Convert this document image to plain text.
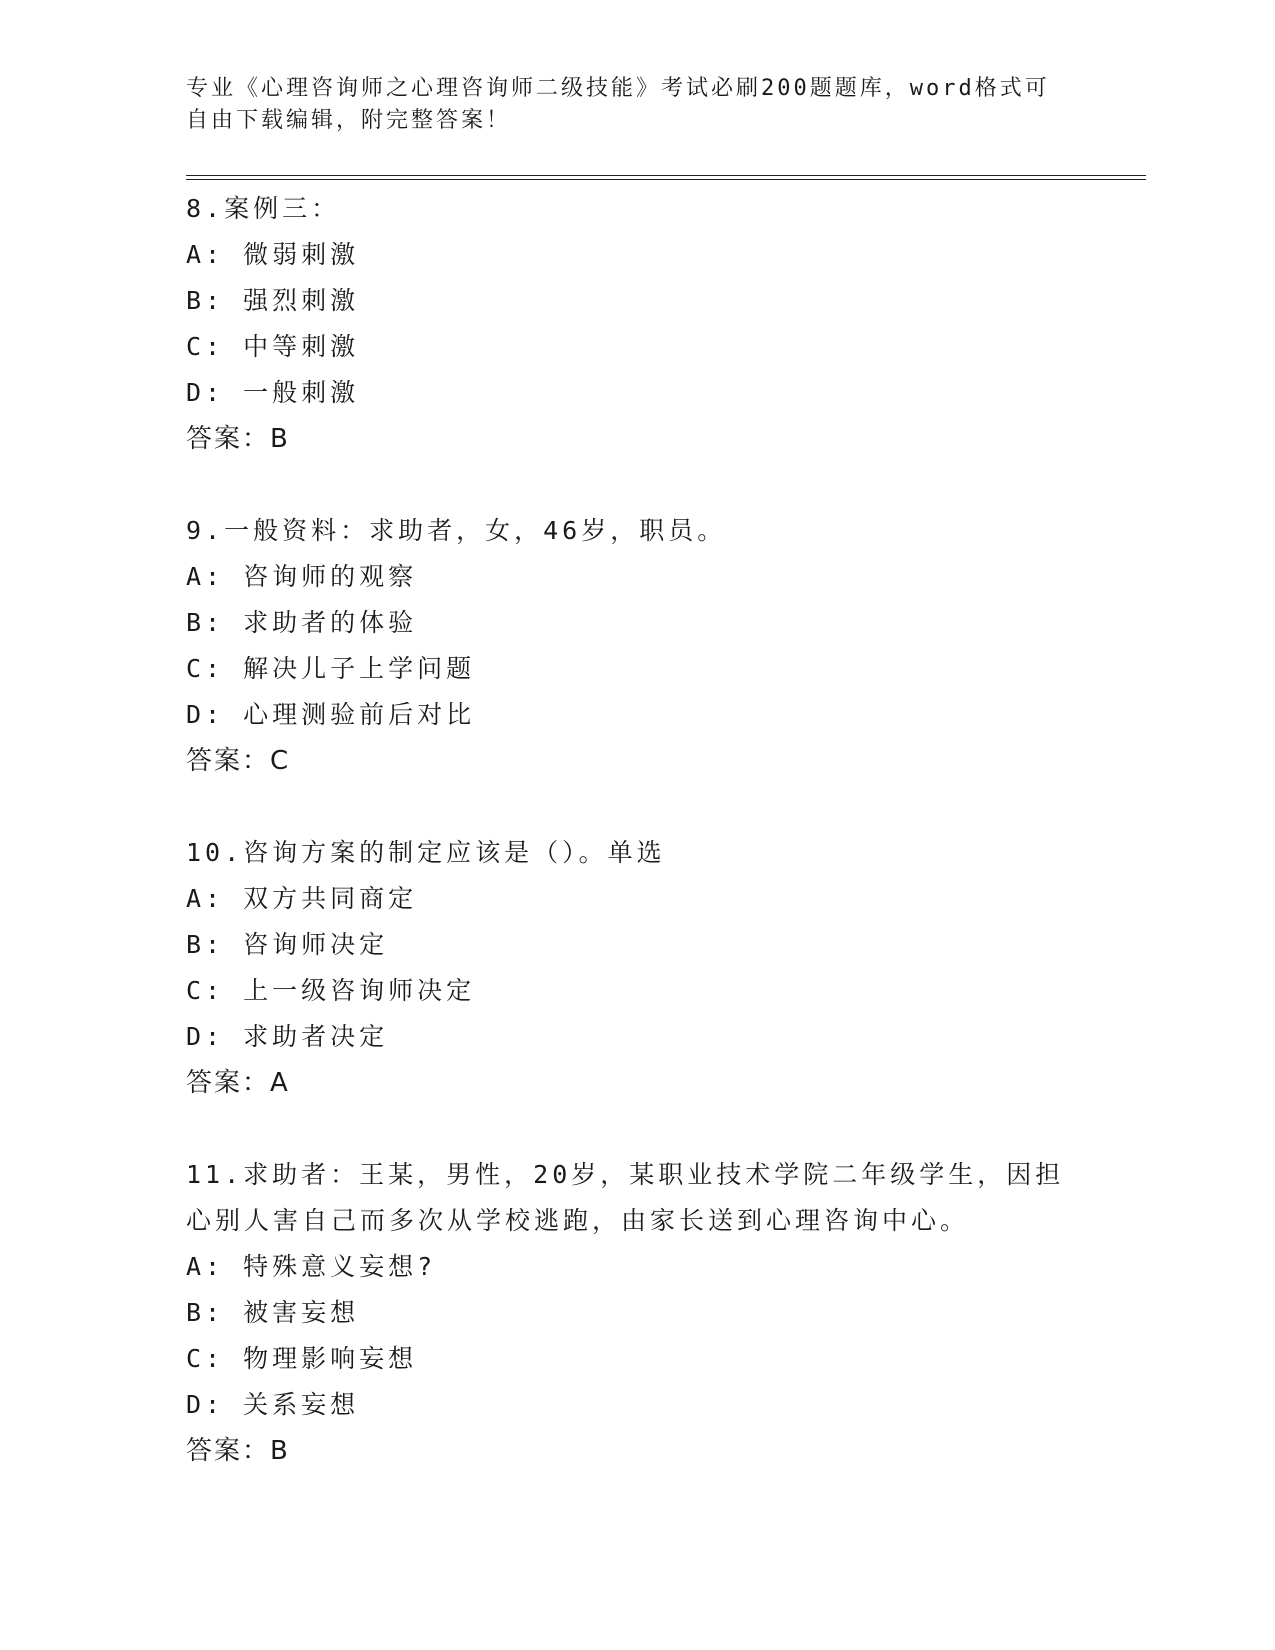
专业《心理咨询师之心理咨询师二级技能》考试必刷200题题库，word格式可自由下载编辑，附完整答案！
8.案例三：
A: 微弱刺激
B: 强烈刺激
C: 中等刺激
D: 一般刺激
答案：B
9.一般资料：求助者，女，46岁，职员。
A: 咨询师的观察
B: 求助者的体验
C: 解决儿子上学问题
D: 心理测验前后对比
答案：C
10.咨询方案的制定应该是（）。单选
A: 双方共同商定
B: 咨询师决定
C: 上一级咨询师决定
D: 求助者决定
答案：A
11.求助者：王某，男性，20岁，某职业技术学院二年级学生，因担心别人害自己而多次从学校逃跑，由家长送到心理咨询中心。
A: 特殊意义妄想?
B: 被害妄想
C: 物理影响妄想
D: 关系妄想
答案：B
